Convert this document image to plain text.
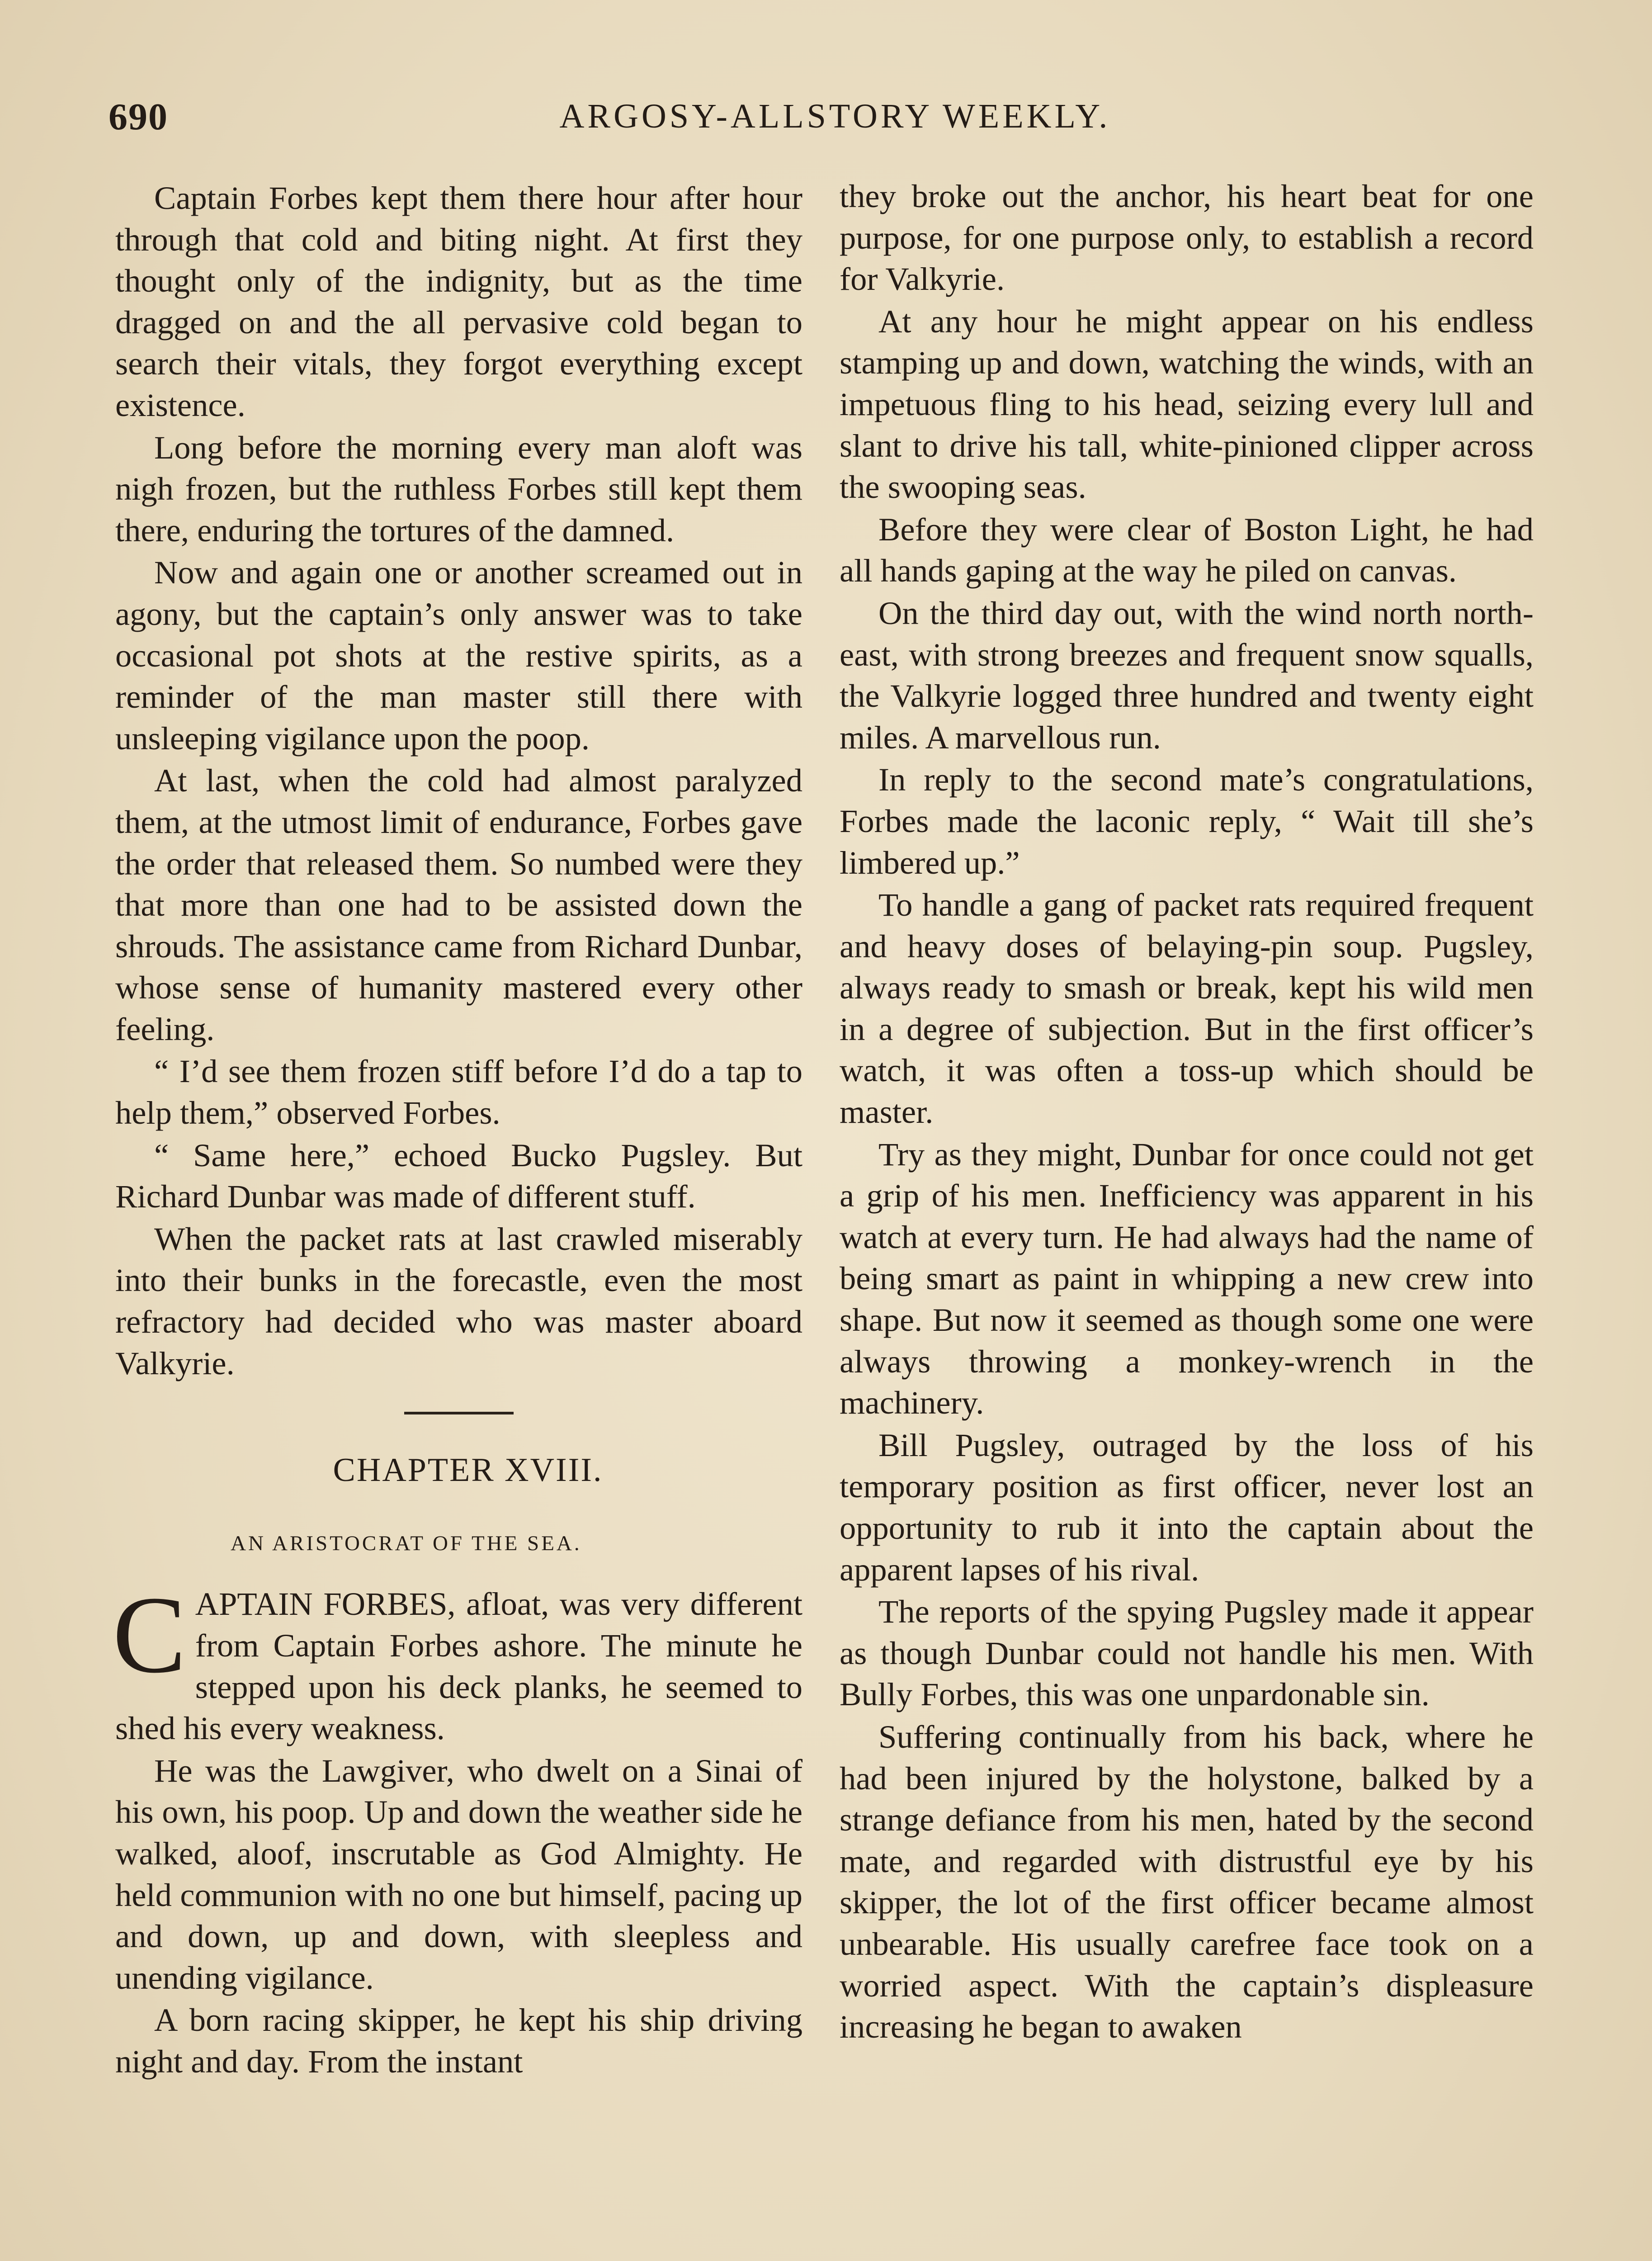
690	ARGOSY-ALLSTORY WEEKLY.

Captain Forbes kept them there hour after hour through that cold and biting night. At first they thought only of the indignity, but as the time dragged on and the all pervasive cold began to search their vitals, they forgot everything except existence.

Long before the morning every man aloft was nigh frozen, but the ruthless Forbes still kept them there, enduring the tortures of the damned.

Now and again one or another screamed out in agony, but the captain’s only answer was to take occasional pot shots at the restive spirits, as a reminder of the man master still there with unsleeping vigilance upon the poop.

At last, when the cold had almost paralyzed them, at the utmost limit of endurance, Forbes gave the order that released them. So numbed were they that more than one had to be assisted down the shrouds. The assistance came from Richard Dunbar, whose sense of humanity mastered every other feeling.

“ I’d see them frozen stiff before I’d do a tap to help them,” observed Forbes.

“ Same here,” echoed Bucko Pugsley. But Richard Dunbar was made of different stuff.

When the packet rats at last crawled miserably into their bunks in the forecastle, even the most refractory had decided who was master aboard Valkyrie.

CHAPTER XVIII.
AN ARISTOCRAT OF THE SEA.

CAPTAIN FORBES, afloat, was very different from Captain Forbes ashore. The minute he stepped upon his deck planks, he seemed to shed his every weakness.

He was the Lawgiver, who dwelt on a Sinai of his own, his poop. Up and down the weather side he walked, aloof, inscrutable as God Almighty. He held communion with no one but himself, pacing up and down, up and down, with sleepless and unending vigilance.

A born racing skipper, he kept his ship driving night and day. From the instant

they broke out the anchor, his heart beat for one purpose, for one purpose only, to establish a record for Valkyrie.

At any hour he might appear on his endless stamping up and down, watching the winds, with an impetuous fling to his head, seizing every lull and slant to drive his tall, white-pinioned clipper across the swooping seas.

Before they were clear of Boston Light, he had all hands gaping at the way he piled on canvas.

On the third day out, with the wind north north-east, with strong breezes and frequent snow squalls, the Valkyrie logged three hundred and twenty eight miles. A marvellous run.

In reply to the second mate’s congratulations, Forbes made the laconic reply, “ Wait till she’s limbered up.”

To handle a gang of packet rats required frequent and heavy doses of belaying-pin soup. Pugsley, always ready to smash or break, kept his wild men in a degree of subjection. But in the first officer’s watch, it was often a toss-up which should be master.

Try as they might, Dunbar for once could not get a grip of his men. Inefficiency was apparent in his watch at every turn. He had always had the name of being smart as paint in whipping a new crew into shape. But now it seemed as though some one were always throwing a monkey-wrench in the machinery.

Bill Pugsley, outraged by the loss of his temporary position as first officer, never lost an opportunity to rub it into the captain about the apparent lapses of his rival.

The reports of the spying Pugsley made it appear as though Dunbar could not handle his men. With Bully Forbes, this was one unpardonable sin.

Suffering continually from his back, where he had been injured by the holystone, balked by a strange defiance from his men, hated by the second mate, and regarded with distrustful eye by his skipper, the lot of the first officer became almost unbearable. His usually carefree face took on a worried aspect. With the captain’s displeasure increasing he began to awaken
